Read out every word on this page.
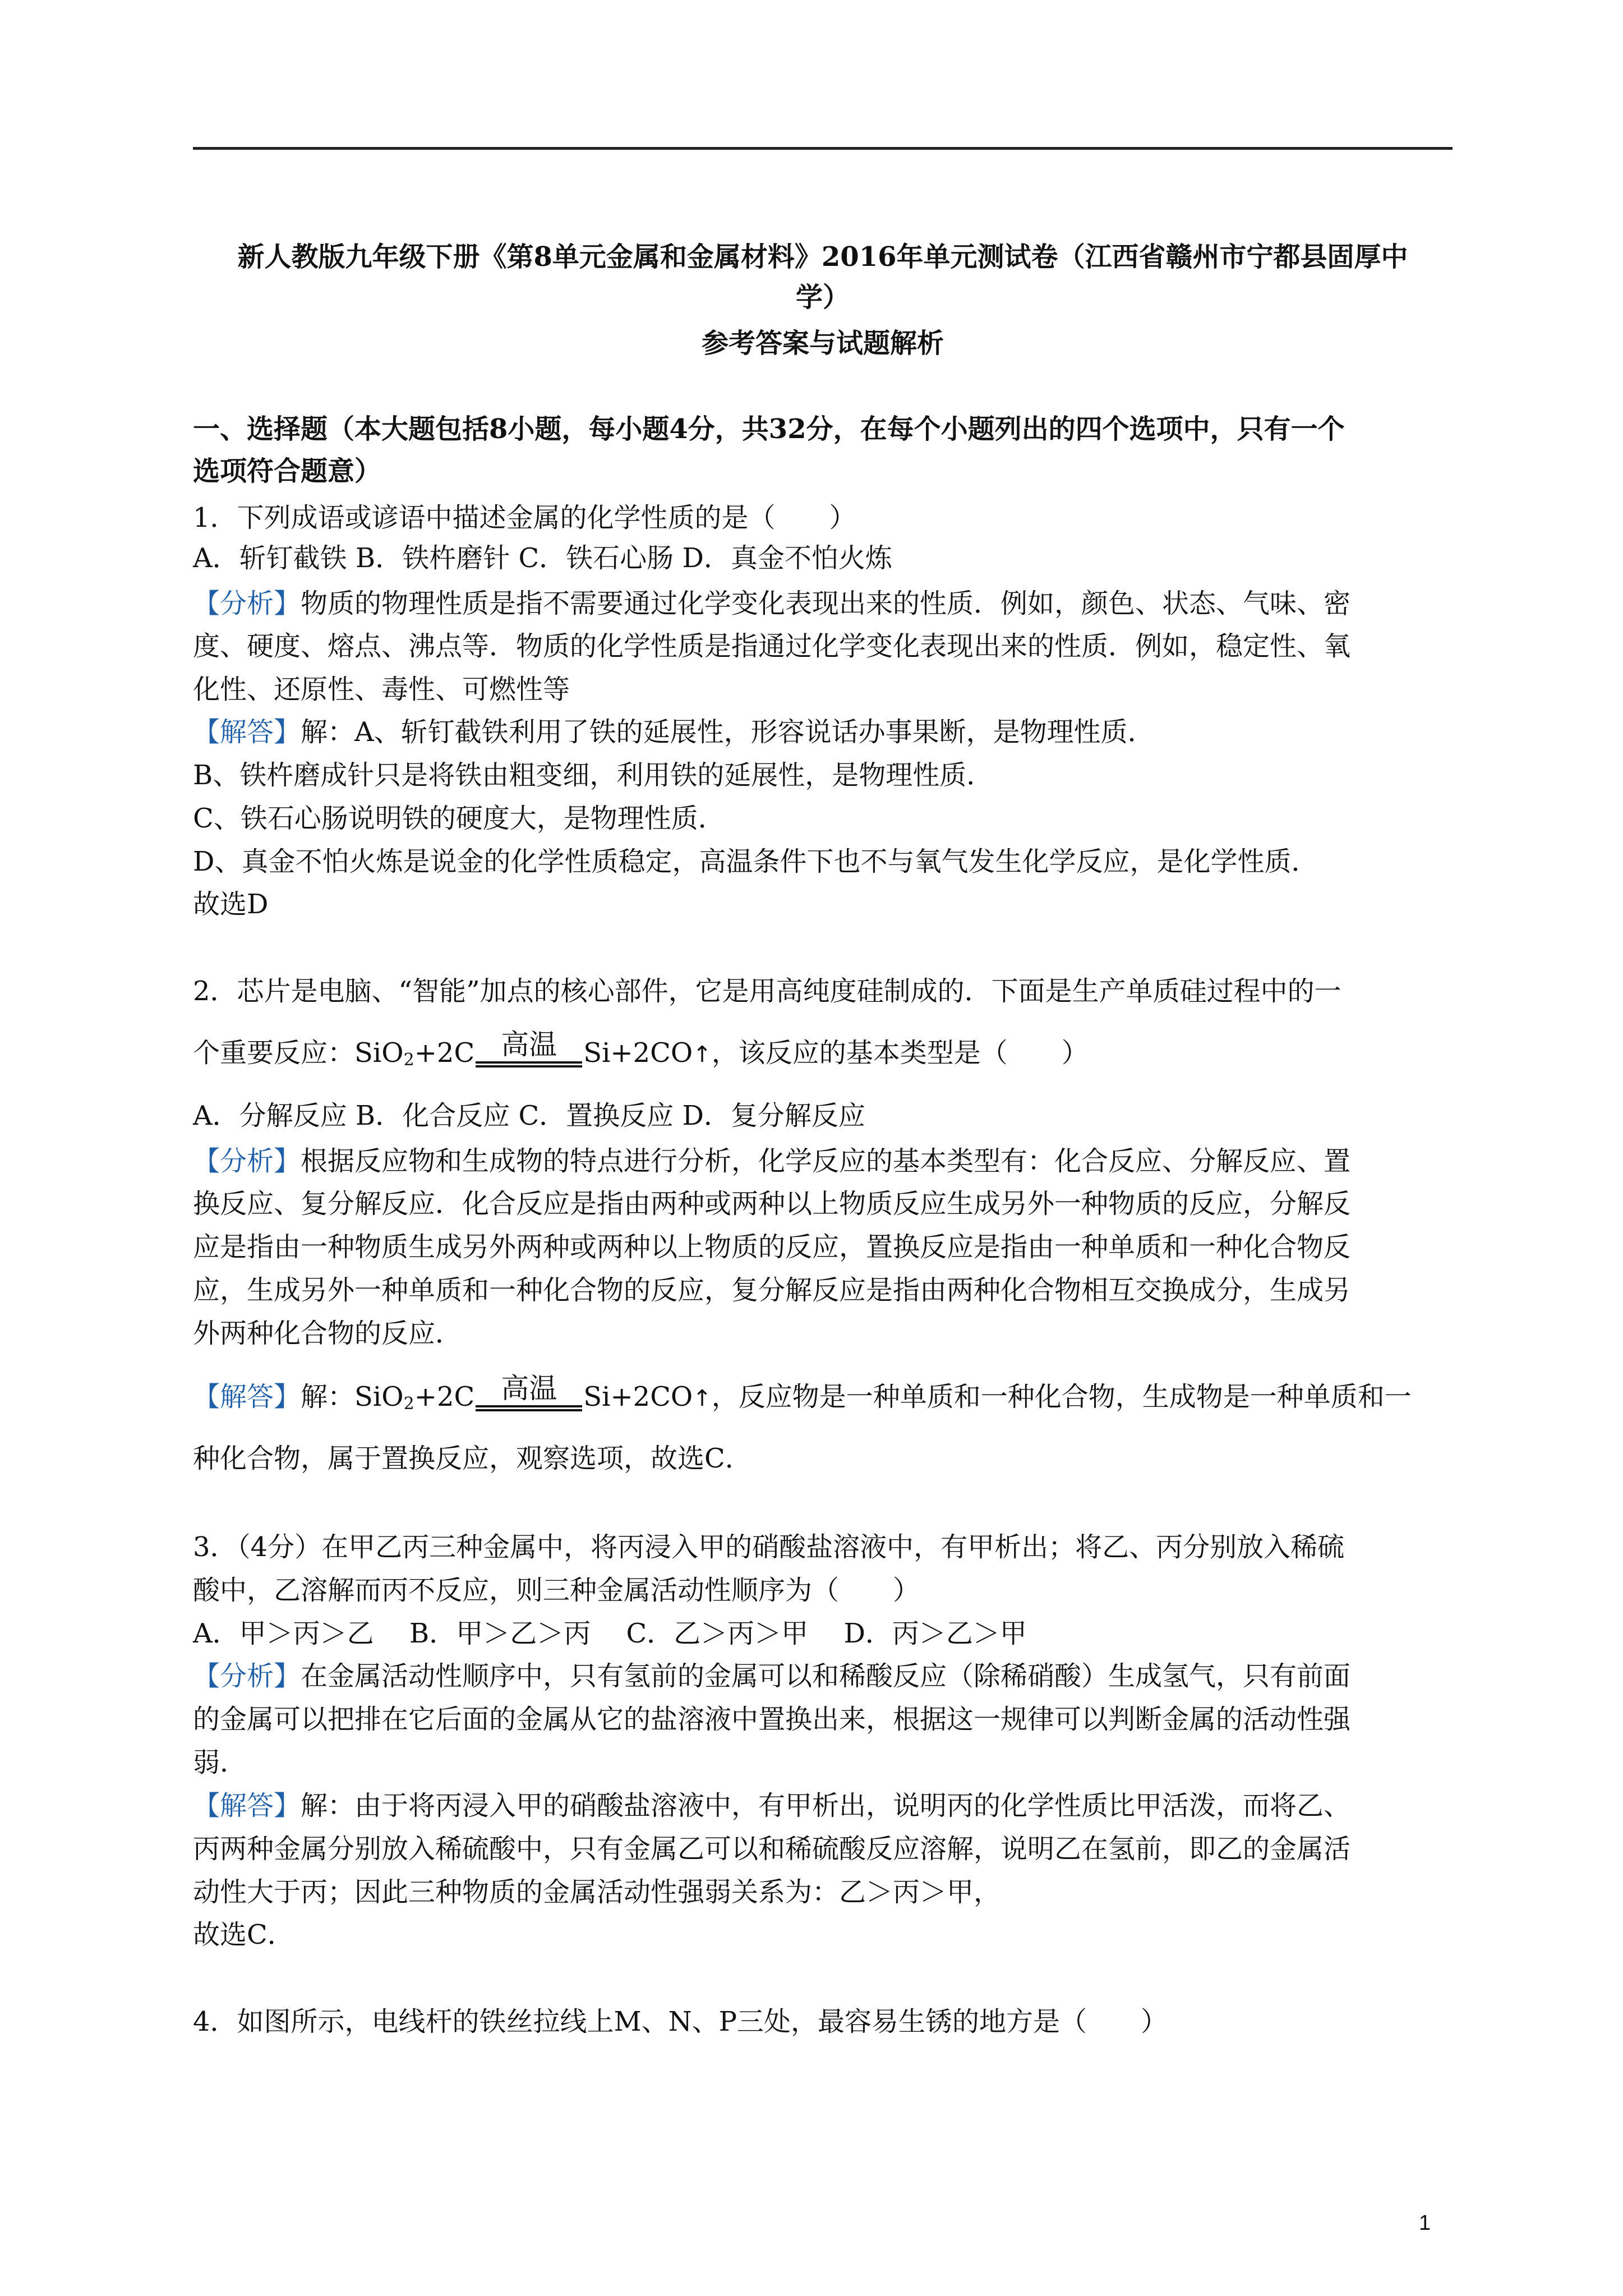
新人教版九年级下册《第8单元金属和金属材料》2016年单元测试卷（江西省赣州市宁都县固厚中
学）
参考答案与试题解析
一、选择题（本大题包括8小题，每小题4分，共32分，在每个小题列出的四个选项中，只有一个
选项符合题意）
1．下列成语或谚语中描述金属的化学性质的是（　　）
A．斩钉截铁 B．铁杵磨针 C．铁石心肠 D．真金不怕火炼
【分析】物质的物理性质是指不需要通过化学变化表现出来的性质．例如，颜色、状态、气味、密
度、硬度、熔点、沸点等．物质的化学性质是指通过化学变化表现出来的性质．例如，稳定性、氧
化性、还原性、毒性、可燃性等
【解答】解：A、斩钉截铁利用了铁的延展性，形容说话办事果断，是物理性质．
B、铁杵磨成针只是将铁由粗变细，利用铁的延展性，是物理性质．
C、铁石心肠说明铁的硬度大，是物理性质．
D、真金不怕火炼是说金的化学性质稳定，高温条件下也不与氧气发生化学反应，是化学性质．
故选D
2．芯片是电脑、“智能”加点的核心部件，它是用高纯度硅制成的．下面是生产单质硅过程中的一
个重要反应：SiO$_2$+2C 高温 Si+2CO↑，该反应的基本类型是（　　）
A．分解反应 B．化合反应 C．置换反应 D．复分解反应
【分析】根据反应物和生成物的特点进行分析，化学反应的基本类型有：化合反应、分解反应、置
换反应、复分解反应．化合反应是指由两种或两种以上物质反应生成另外一种物质的反应，分解反
应是指由一种物质生成另外两种或两种以上物质的反应，置换反应是指由一种单质和一种化合物反
应，生成另外一种单质和一种化合物的反应，复分解反应是指由两种化合物相互交换成分，生成另
外两种化合物的反应．
【解答】解：SiO$_2$+2C 高温 Si+2CO↑，反应物是一种单质和一种化合物，生成物是一种单质和一
种化合物，属于置换反应，观察选项，故选C．
3．（4分）在甲乙丙三种金属中，将丙浸入甲的硝酸盐溶液中，有甲析出；将乙、丙分别放入稀硫
酸中，乙溶解而丙不反应，则三种金属活动性顺序为（　　）
A．甲＞丙＞乙　 B．甲＞乙＞丙　 C．乙＞丙＞甲　 D．丙＞乙＞甲
【分析】在金属活动性顺序中，只有氢前的金属可以和稀酸反应（除稀硝酸）生成氢气，只有前面
的金属可以把排在它后面的金属从它的盐溶液中置换出来，根据这一规律可以判断金属的活动性强
弱．
【解答】解：由于将丙浸入甲的硝酸盐溶液中，有甲析出，说明丙的化学性质比甲活泼，而将乙、
丙两种金属分别放入稀硫酸中，只有金属乙可以和稀硫酸反应溶解，说明乙在氢前，即乙的金属活
动性大于丙；因此三种物质的金属活动性强弱关系为：乙＞丙＞甲，
故选C．
4．如图所示，电线杆的铁丝拉线上M、N、P三处，最容易生锈的地方是（　　）
1
